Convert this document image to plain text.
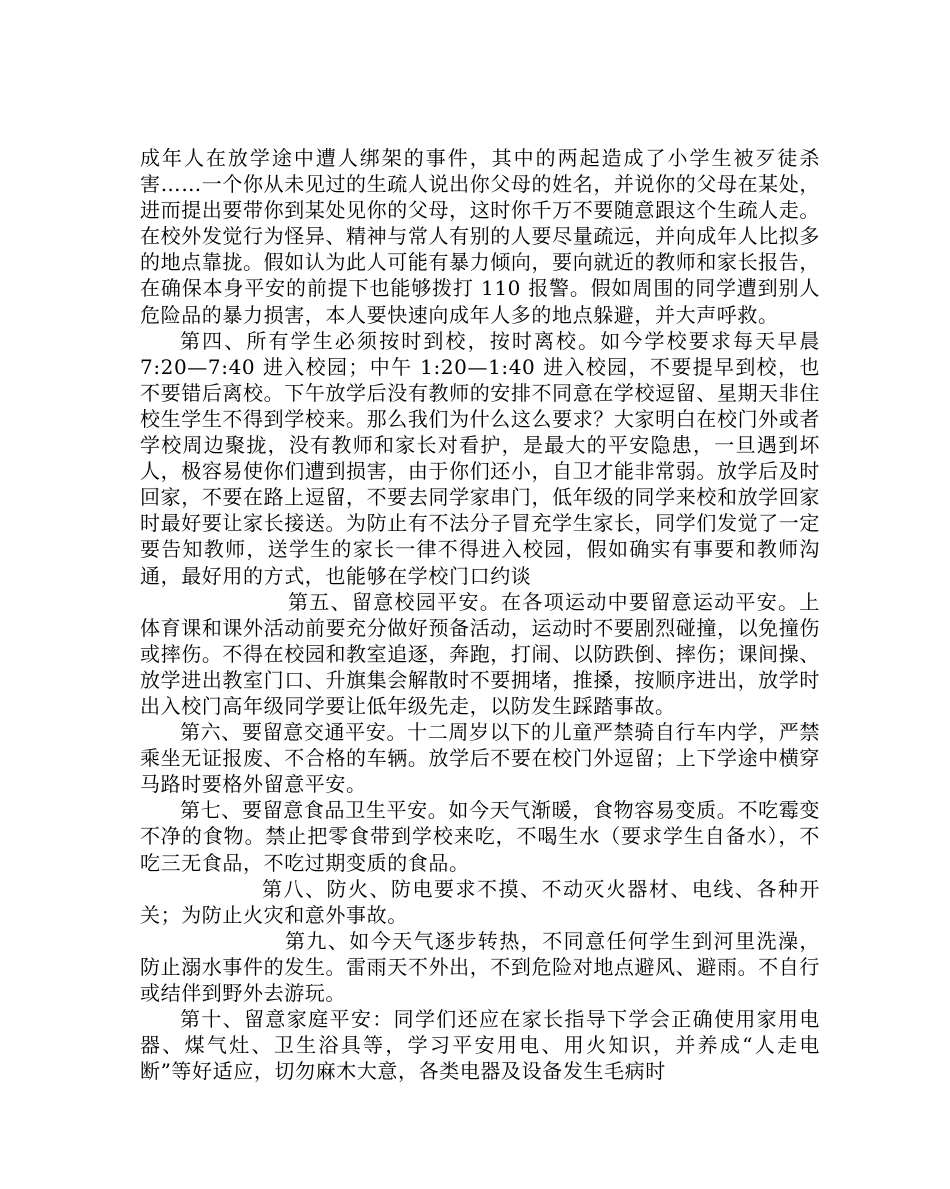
成年人在放学途中遭人绑架的事件，其中的两起造成了小学生被歹徒杀害……一个你从未见过的生疏人说出你父母的姓名，并说你的父母在某处，进而提出要带你到某处见你的父母，这时你千万不要随意跟这个生疏人走。在校外发觉行为怪异、精神与常人有别的人要尽量疏远，并向成年人比拟多的地点靠拢。假如认为此人可能有暴力倾向，要向就近的教师和家长报告，在确保本身平安的前提下也能够拨打 110 报警。假如周围的同学遭到别人危险品的暴力损害，本人要快速向成年人多的地点躲避，并大声呼救。

第四、所有学生必须按时到校，按时离校。如今学校要求每天早晨 7:20—7:40 进入校园；中午 1:20—1:40 进入校园，不要提早到校，也不要错后离校。下午放学后没有教师的安排不同意在学校逗留、星期天非住校生学生不得到学校来。那么我们为什么这么要求？大家明白在校门外或者学校周边聚拢，没有教师和家长对看护，是最大的平安隐患，一旦遇到坏人，极容易使你们遭到损害，由于你们还小，自卫才能非常弱。放学后及时回家，不要在路上逗留，不要去同学家串门，低年级的同学来校和放学回家时最好要让家长接送。为防止有不法分子冒充学生家长，同学们发觉了一定要告知教师，送学生的家长一律不得进入校园，假如确实有事要和教师沟通，最好用的方式，也能够在学校门口约谈

第五、留意校园平安。在各项运动中要留意运动平安。上体育课和课外活动前要充分做好预备活动，运动时不要剧烈碰撞，以免撞伤或摔伤。不得在校园和教室追逐，奔跑，打闹、以防跌倒、摔伤；课间操、放学进出教室门口、升旗集会解散时不要拥堵，推搡，按顺序进出，放学时出入校门高年级同学要让低年级先走，以防发生踩踏事故。

第六、要留意交通平安。十二周岁以下的儿童严禁骑自行车内学，严禁乘坐无证报废、不合格的车辆。放学后不要在校门外逗留；上下学途中横穿马路时要格外留意平安。

第七、要留意食品卫生平安。如今天气渐暖，食物容易变质。不吃霉变不净的食物。禁止把零食带到学校来吃，不喝生水（要求学生自备水），不吃三无食品，不吃过期变质的食品。

第八、防火、防电要求不摸、不动灭火器材、电线、各种开关；为防止火灾和意外事故。

第九、如今天气逐步转热，不同意任何学生到河里洗澡，防止溺水事件的发生。雷雨天不外出，不到危险对地点避风、避雨。不自行或结伴到野外去游玩。

第十、留意家庭平安：同学们还应在家长指导下学会正确使用家用电器、煤气灶、卫生浴具等，学习平安用电、用火知识，并养成“人走电断”等好适应，切勿麻木大意，各类电器及设备发生毛病时
